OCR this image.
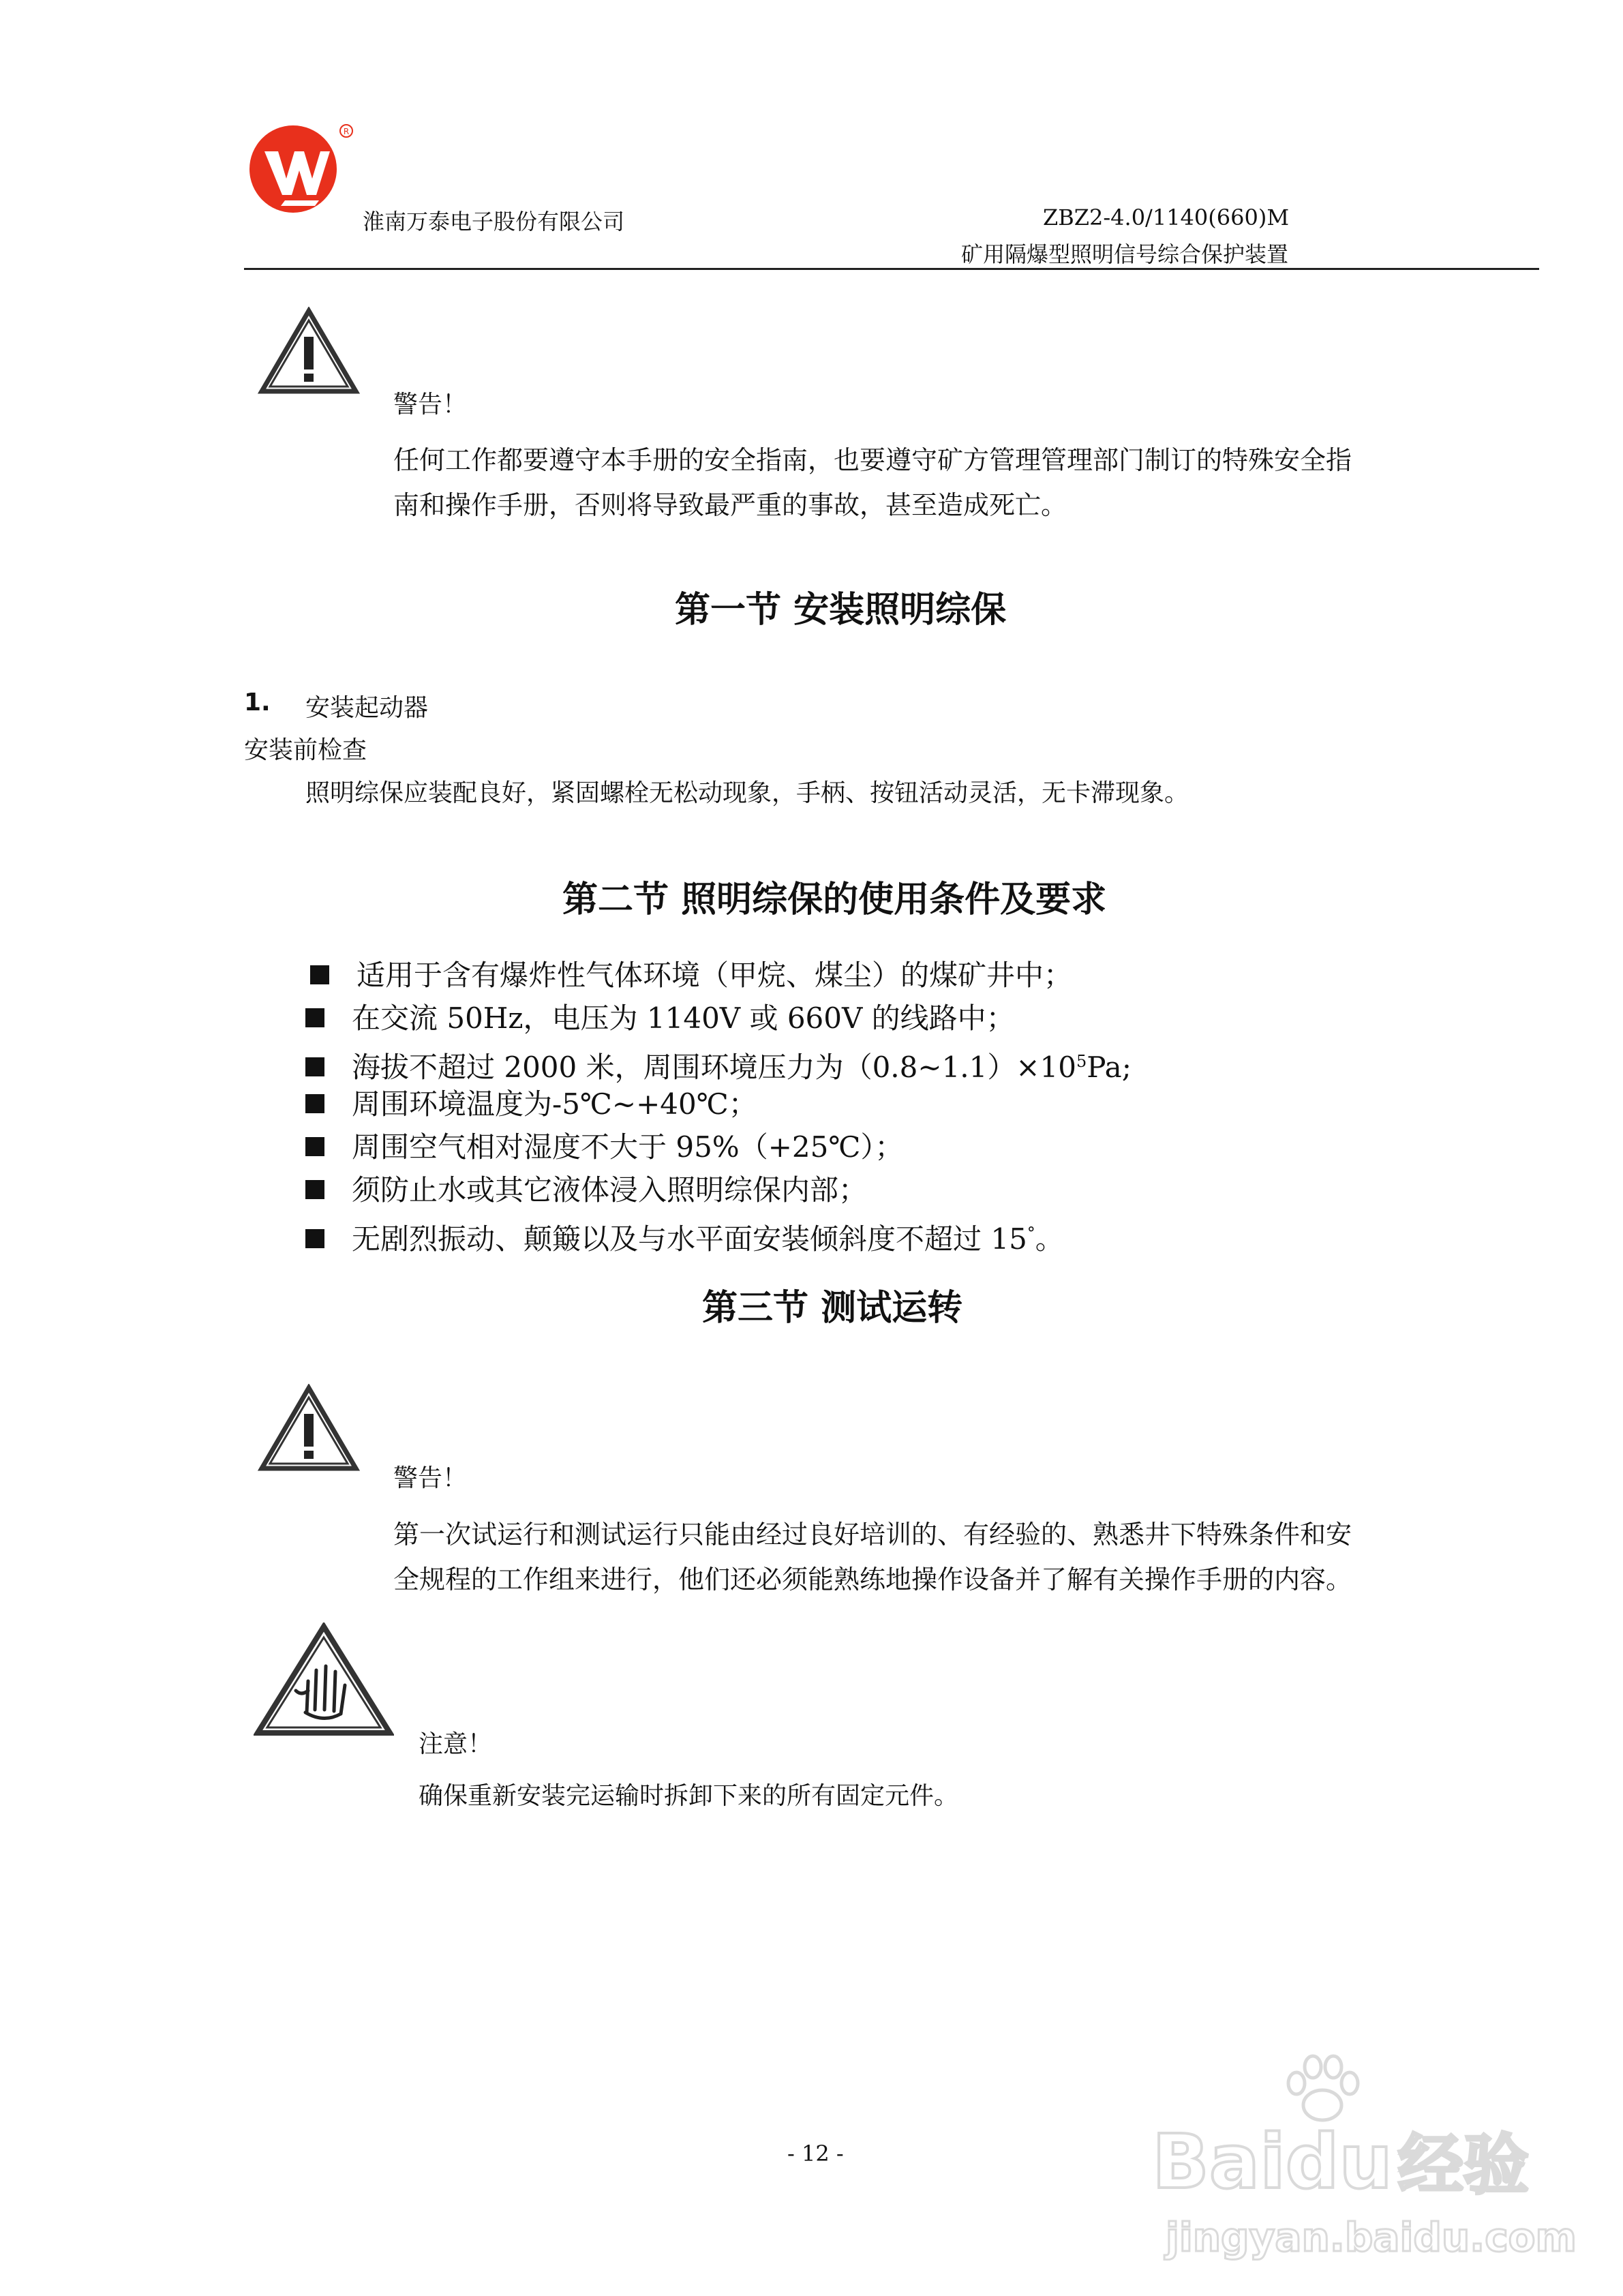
R
淮南万泰电子股份有限公司	ZBZ2-4.0/1140(660)M
矿用隔爆型照明信号综合保护装置
警告！
任何工作都要遵守本手册的安全指南，也要遵守矿方管理管理部门制订的特殊安全指
南和操作手册，否则将导致最严重的事故，甚至造成死亡。
第一节 安装照明综保
1. 安装起动器
安装前检查
照明综保应装配良好，紧固螺栓无松动现象，手柄、按钮活动灵活，无卡滞现象。
第二节 照明综保的使用条件及要求
适用于含有爆炸性气体环境（甲烷、煤尘）的煤矿井中；
在交流 50Hz，电压为 1140V 或 660V 的线路中；
海拔不超过 2000 米，周围环境压力为$(0.8\sim 1.1)\times 10^5Pa$;
周围环境温度为-5℃~+40℃；
周围空气相对湿度不大于 95%（+25℃）；
须防止水或其它液体浸入照明综保内部；
无剧烈振动、颠簸以及与水平面安装倾斜度不超过 15°。
第三节 测试运转
警告！
第一次试运行和测试运行只能由经过良好培训的、有经验的、熟悉井下特殊条件和安
全规程的工作组来进行，他们还必须能熟练地操作设备并了解有关操作手册的内容。
注意！
确保重新安装完运输时拆卸下来的所有固定元件。
- 12 -	Baidu经验
jingyan.baidu.com
